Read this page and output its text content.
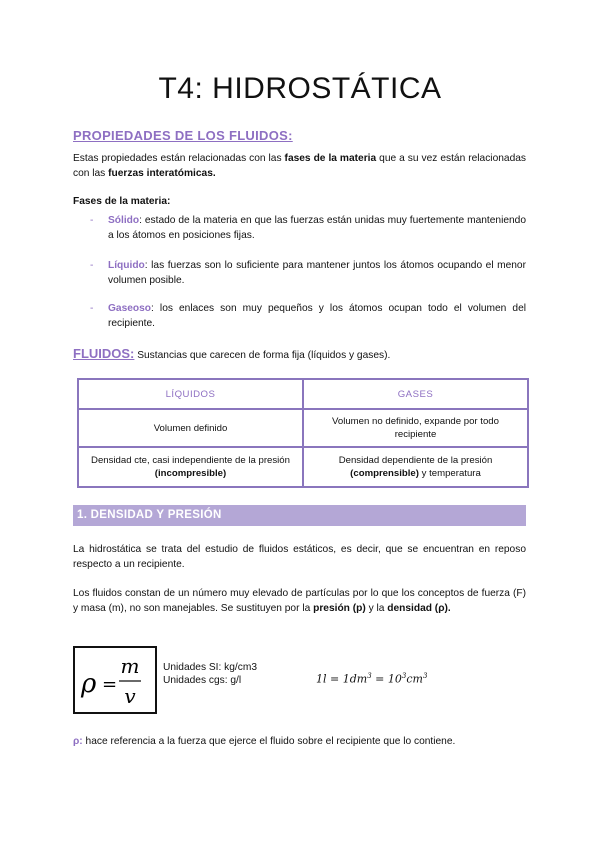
T4: HIDROSTÁTICA
PROPIEDADES DE LOS FLUIDOS:
Estas propiedades están relacionadas con las fases de la materia que a su vez están relacionadas con las fuerzas interatómicas.
Fases de la materia:
- Sólido: estado de la materia en que las fuerzas están unidas muy fuertemente manteniendo a los átomos en posiciones fijas.
- Líquido: las fuerzas son lo suficiente para mantener juntos los átomos ocupando el menor volumen posible.
- Gaseoso: los enlaces son muy pequeños y los átomos ocupan todo el volumen del recipiente.
FLUIDOS: Sustancias que carecen de forma fija (líquidos y gases).
LÍQUIDOS	GASES
Volumen definido	Volumen no definido, expande por todo recipiente
Densidad cte, casi independiente de la presión (incompresible)	Densidad dependiente de la presión (comprensible) y temperatura
1. DENSIDAD Y PRESIÓN
La hidrostática se trata del estudio de fluidos estáticos, es decir, que se encuentran en reposo respecto a un recipiente.
Los fluidos constan de un número muy elevado de partículas por lo que los conceptos de fuerza (F) y masa (m), no son manejables. Se sustituyen por la presión (p) y la densidad (ρ).
ρ =
m
v
Unidades SI: kg/cm3
Unidades cgs: g/l	$1l = 1dm^3 = 10^3cm^3$
ρ: hace referencia a la fuerza que ejerce el fluido sobre el recipiente que lo contiene.
